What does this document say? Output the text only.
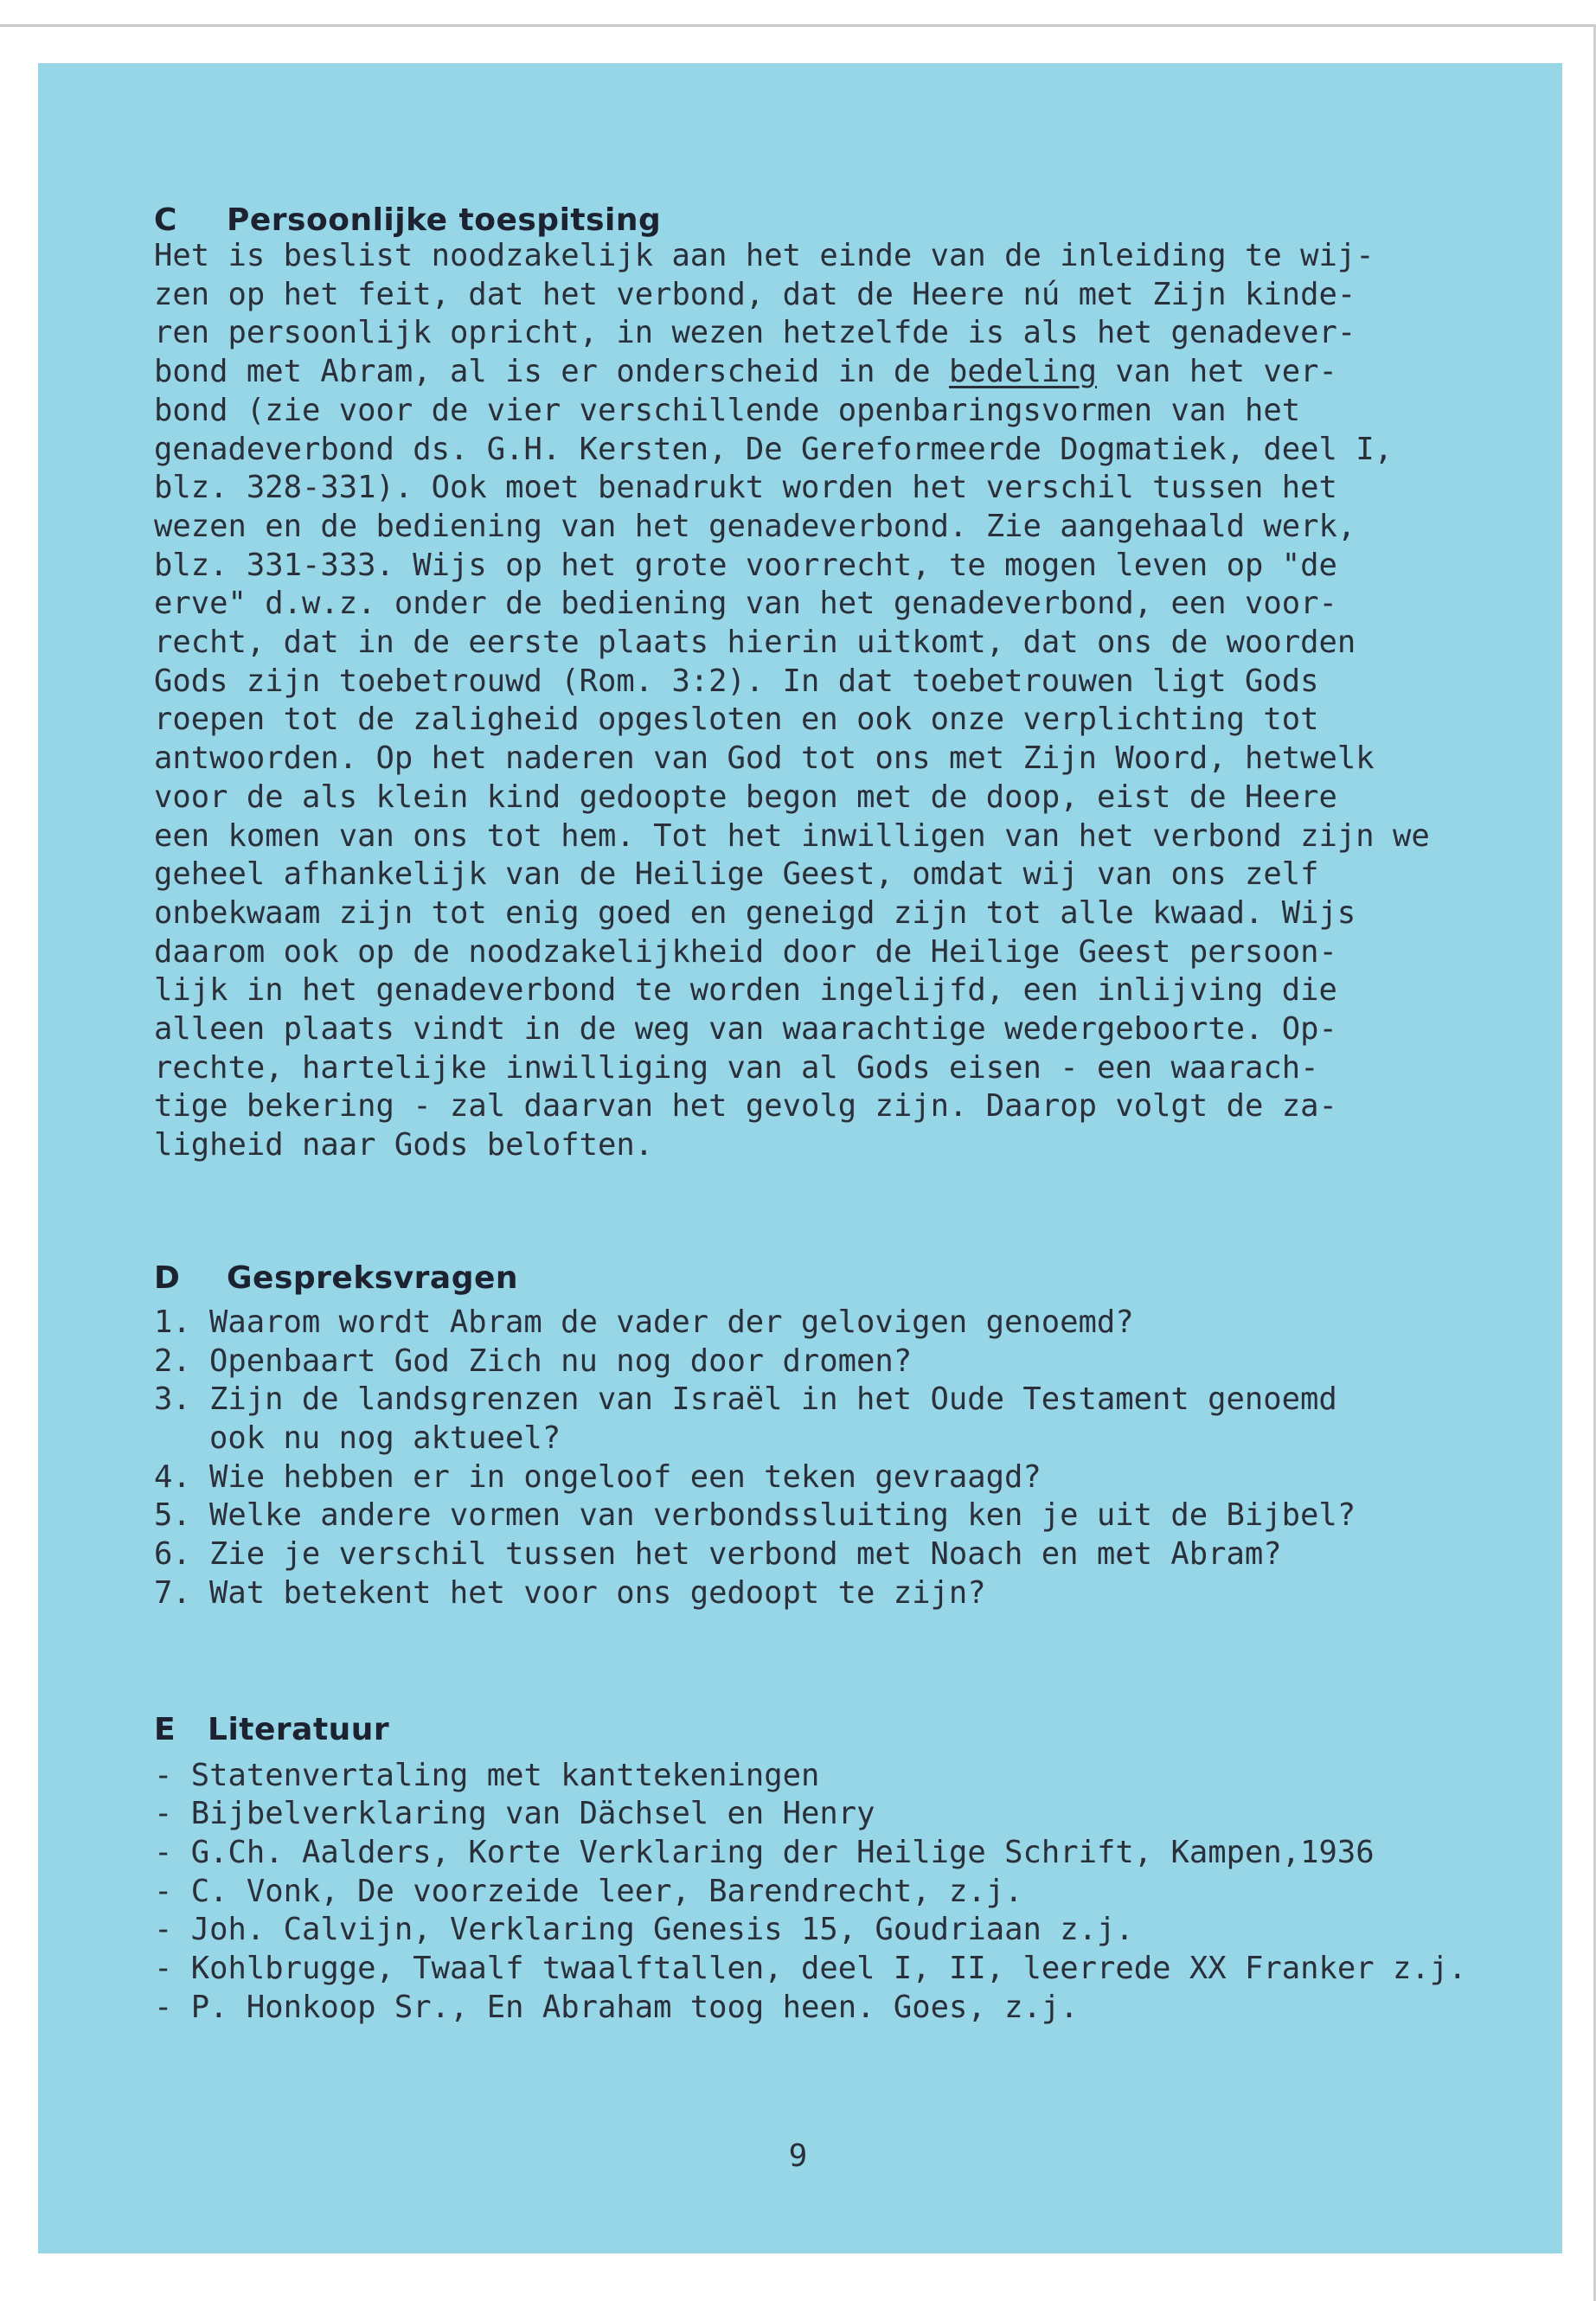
C Persoonlijke toespitsing

Het is beslist noodzakelijk aan het einde van de inleiding te wij-

zen op het feit, dat het verbond, dat de Heere nú met Zijn kinde-

ren persoonlijk opricht, in wezen hetzelfde is als het genadever-

bond met Abram, al is er onderscheid in de bedeling van het ver-

bond (zie voor de vier verschillende openbaringsvormen van het

genadeverbond ds. G.H. Kersten, De Gereformeerde Dogmatiek, deel I,

blz. 328-331). Ook moet benadrukt worden het verschil tussen het

wezen en de bediening van het genadeverbond. Zie aangehaald werk,

blz. 331-333. Wijs op het grote voorrecht, te mogen leven op "de

erve" d.w.z. onder de bediening van het genadeverbond, een voor-

recht, dat in de eerste plaats hierin uitkomt, dat ons de woorden

Gods zijn toebetrouwd (Rom. 3:2). In dat toebetrouwen ligt Gods

roepen tot de zaligheid opgesloten en ook onze verplichting tot

antwoorden. Op het naderen van God tot ons met Zijn Woord, hetwelk

voor de als klein kind gedoopte begon met de doop, eist de Heere

een komen van ons tot hem. Tot het inwilligen van het verbond zijn we

geheel afhankelijk van de Heilige Geest, omdat wij van ons zelf

onbekwaam zijn tot enig goed en geneigd zijn tot alle kwaad. Wijs

daarom ook op de noodzakelijkheid door de Heilige Geest persoon-

lijk in het genadeverbond te worden ingelijfd, een inlijving die

alleen plaats vindt in de weg van waarachtige wedergeboorte. Op-

rechte, hartelijke inwilliging van al Gods eisen - een waarach-

tige bekering - zal daarvan het gevolg zijn. Daarop volgt de za-

ligheid naar Gods beloften.

D Gespreksvragen
1. Waarom wordt Abram de vader der gelovigen genoemd?
2. Openbaart God Zich nu nog door dromen?
3. Zijn de landsgrenzen van Israël in het Oude Testament genoemd
ook nu nog aktueel?
4. Wie hebben er in ongeloof een teken gevraagd?
5. Welke andere vormen van verbondssluiting ken je uit de Bijbel?
6. Zie je verschil tussen het verbond met Noach en met Abram?
7. Wat betekent het voor ons gedoopt te zijn?
E Literatuur
- Statenvertaling met kanttekeningen
- Bijbelverklaring van Dächsel en Henry
- G.Ch. Aalders, Korte Verklaring der Heilige Schrift, Kampen,1936
- C. Vonk, De voorzeide leer, Barendrecht, z.j.
- Joh. Calvijn, Verklaring Genesis 15, Goudriaan z.j.
- Kohlbrugge, Twaalf twaalftallen, deel I, II, leerrede XX Franker z.j.
- P. Honkoop Sr., En Abraham toog heen. Goes, z.j.
9
